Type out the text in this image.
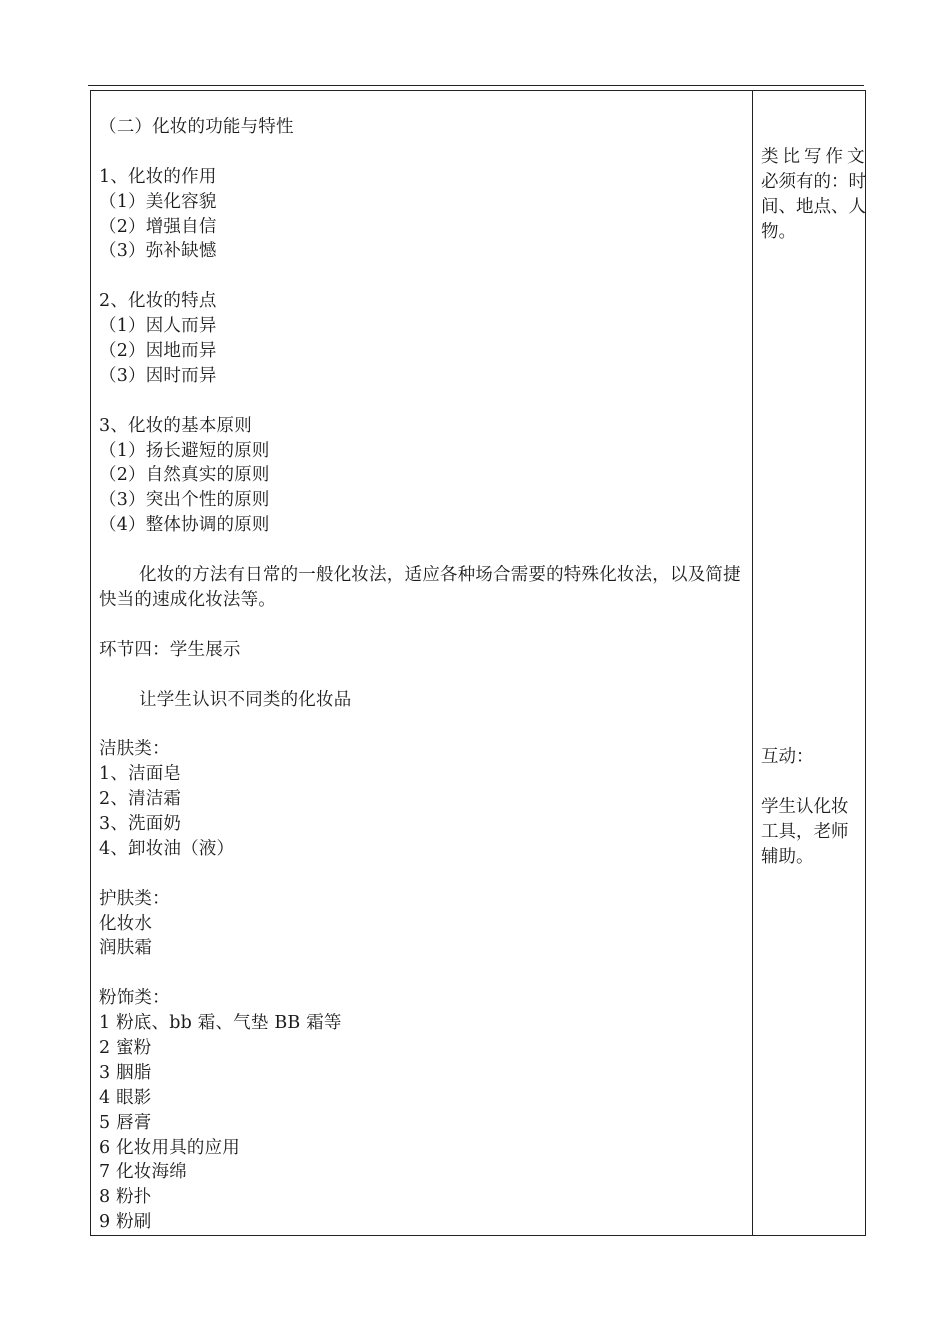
（二）化妆的功能与特性
1、化妆的作用
（1）美化容貌
（2）增强自信
（3）弥补缺憾
2、化妆的特点
（1）因人而异
（2）因地而异
（3）因时而异
3、化妆的基本原则
（1）扬长避短的原则
（2）自然真实的原则
（3）突出个性的原则
（4）整体协调的原则
化妆的方法有日常的一般化妆法，适应各种场合需要的特殊化妆法，以及简捷快当的速成化妆法等。
环节四：学生展示
让学生认识不同类的化妆品
洁肤类：
1、洁面皂
2、清洁霜
3、洗面奶
4、卸妆油（液）
护肤类：
化妆水
润肤霜
粉饰类：
1 粉底、bb 霜、气垫 BB 霜等
2 蜜粉
3 胭脂
4 眼影
5 唇膏
6 化妆用具的应用
7 化妆海绵
8 粉扑
9 粉刷
类比写作文
必须有的：时
间、地点、人
物。
互动：
学生认化妆
工具，老师
辅助。
